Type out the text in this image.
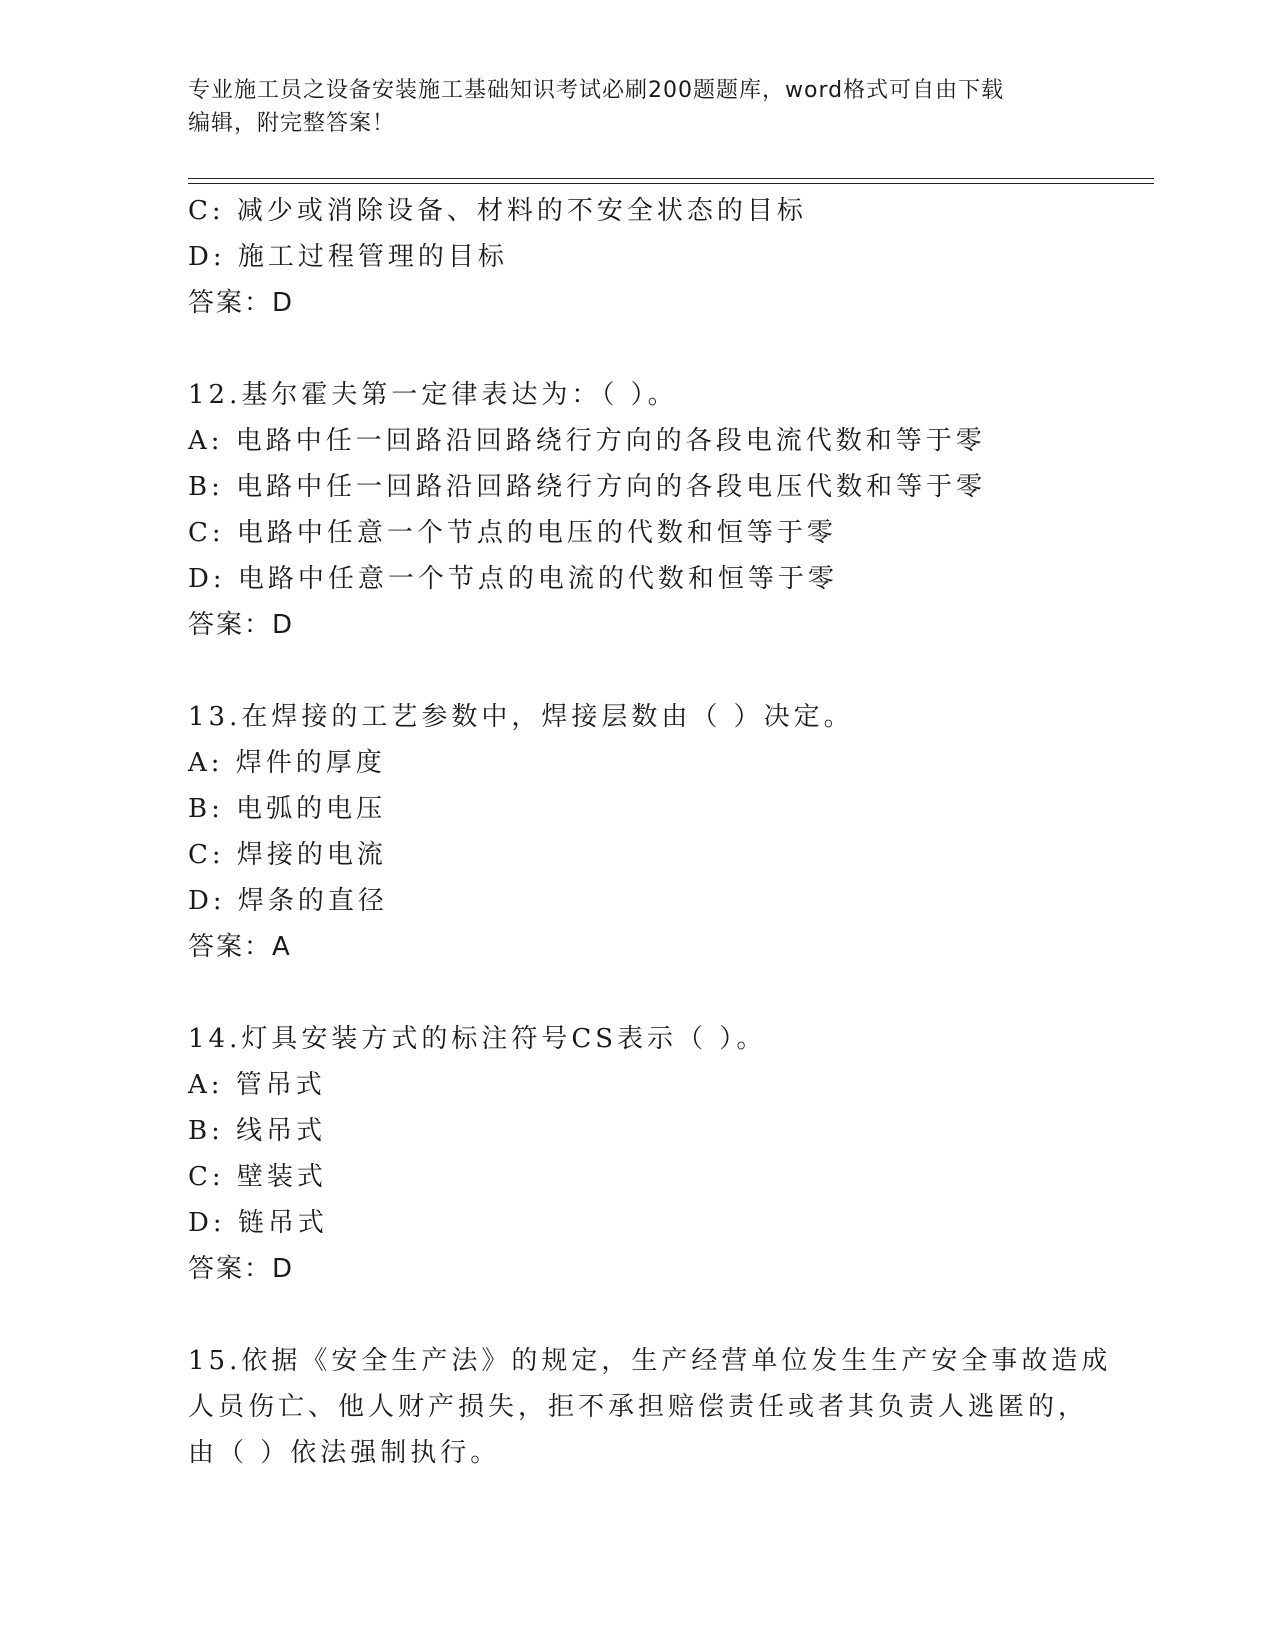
专业施工员之设备安装施工基础知识考试必刷200题题库，word格式可自由下载
编辑，附完整答案！
C: 减少或消除设备、材料的不安全状态的目标
D: 施工过程管理的目标
答案：D
12.基尔霍夫第一定律表达为：（ ）。
A: 电路中任一回路沿回路绕行方向的各段电流代数和等于零
B: 电路中任一回路沿回路绕行方向的各段电压代数和等于零
C: 电路中任意一个节点的电压的代数和恒等于零
D: 电路中任意一个节点的电流的代数和恒等于零
答案：D
13.在焊接的工艺参数中，焊接层数由（ ）决定。
A: 焊件的厚度
B: 电弧的电压
C: 焊接的电流
D: 焊条的直径
答案：A
14.灯具安装方式的标注符号CS表示（ ）。
A: 管吊式
B: 线吊式
C: 壁装式
D: 链吊式
答案：D
15.依据《安全生产法》的规定，生产经营单位发生生产安全事故造成
人员伤亡、他人财产损失，拒不承担赔偿责任或者其负责人逃匿的，
由（ ）依法强制执行。
